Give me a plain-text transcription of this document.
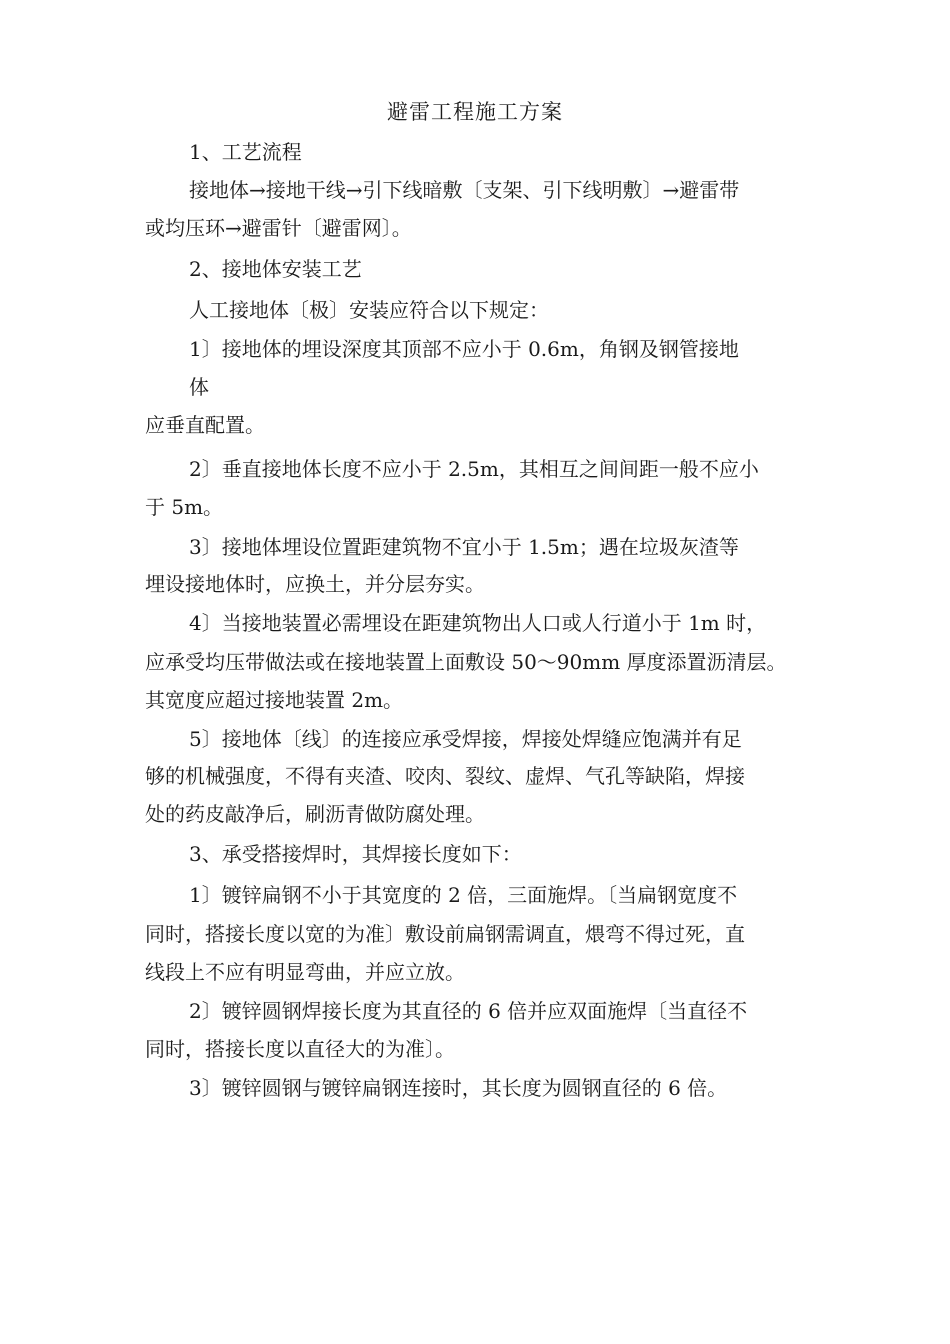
避雷工程施工方案
1、工艺流程
接地体→接地干线→引下线暗敷〔支架、引下线明敷〕→避雷带
或均压环→避雷针〔避雷网〕。
2、接地体安装工艺
人工接地体〔极〕安装应符合以下规定：
1〕接地体的埋设深度其顶部不应小于 0.6m，角钢及钢管接地
体
应垂直配置。
2〕垂直接地体长度不应小于 2.5m，其相互之间间距一般不应小
于 5m。
3〕接地体埋设位置距建筑物不宜小于 1.5m；遇在垃圾灰渣等
埋设接地体时，应换土，并分层夯实。
4〕当接地装置必需埋设在距建筑物出人口或人行道小于 1m 时，
应承受均压带做法或在接地装置上面敷设 50～90mm 厚度添置沥清层。
其宽度应超过接地装置 2m。
5〕接地体〔线〕的连接应承受焊接，焊接处焊缝应饱满并有足
够的机械强度，不得有夹渣、咬肉、裂纹、虚焊、气孔等缺陷，焊接
处的药皮敲净后，刷沥青做防腐处理。
3、承受搭接焊时，其焊接长度如下：
1〕镀锌扁钢不小于其宽度的 2 倍，三面施焊。〔当扁钢宽度不
同时，搭接长度以宽的为准〕敷设前扁钢需调直，煨弯不得过死，直
线段上不应有明显弯曲，并应立放。
2〕镀锌圆钢焊接长度为其直径的 6 倍并应双面施焊〔当直径不
同时，搭接长度以直径大的为准〕。
3〕镀锌圆钢与镀锌扁钢连接时，其长度为圆钢直径的 6 倍。
